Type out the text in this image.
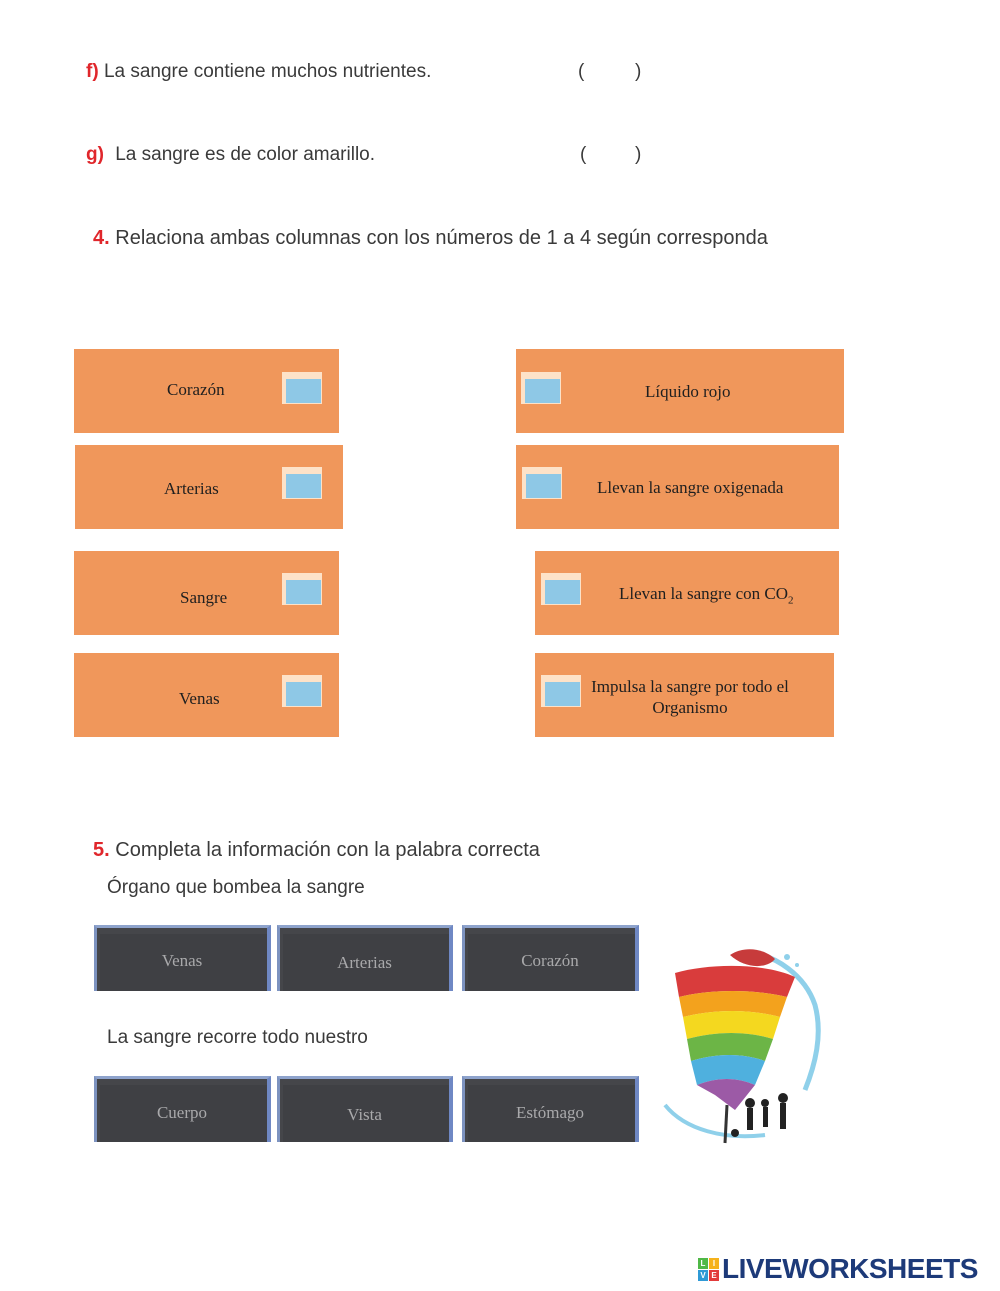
f) La sangre contiene muchos nutrientes.	(	)
g) La sangre es de color amarillo.	(	)
4. Relaciona ambas columnas con los números de 1 a 4 según corresponda
Corazón
Arterias
Sangre
Venas
Líquido rojo
Llevan la sangre oxigenada
Llevan la sangre con $CO_2$
Impulsa la sangre por todo el
Organismo
5. Completa la información con la palabra correcta
Órgano que bombea la sangre
Venas	Arterias	Corazón
La sangre recorre todo nuestro
Cuerpo	Vista	Estómago
L I
V E LIVEWORKSHEETS
